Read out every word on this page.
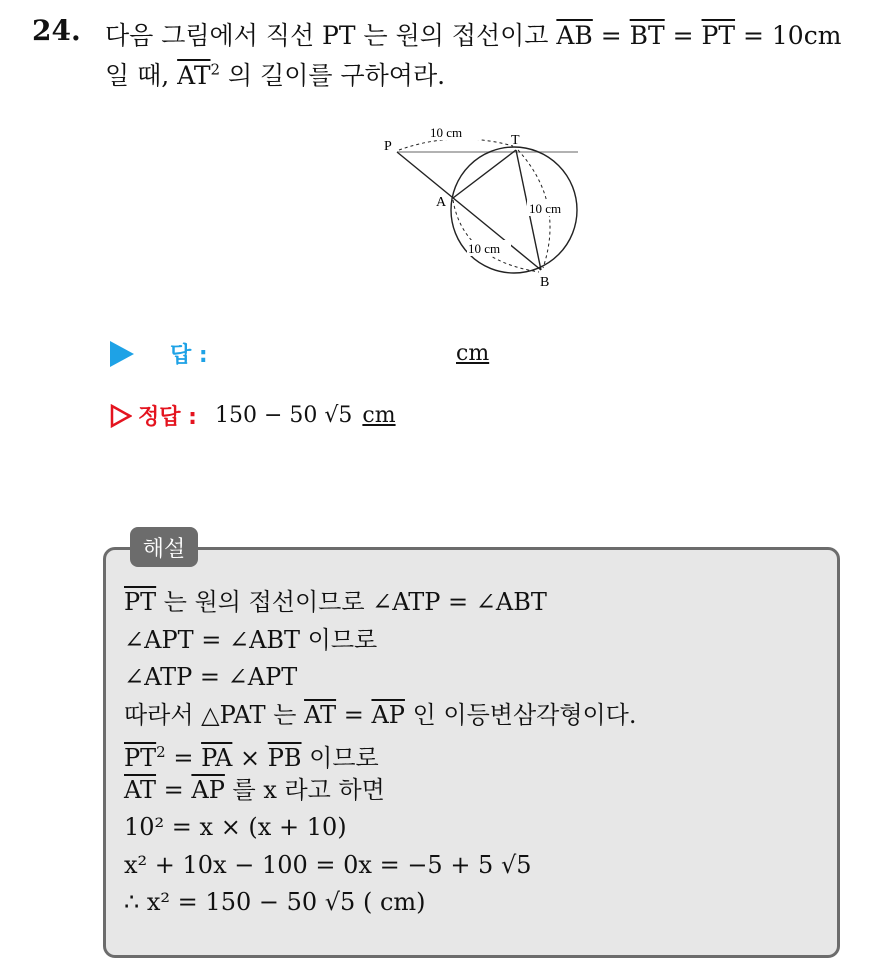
24. 다음 그림에서 직선 PT 는 원의 접선이고 $\overline{AB} = \overline{BT} = \overline{PT} = 10cm$
일 때, $\overline{AT}^2$ 의 길이를 구하여라.
P	T
A
B
10 cm
10 cm
10 cm
답 :	cm
정답 : 150 − 50 √5 cm
해설
$\overline{PT}$ 는 원의 접선이므로 ∠ATP = ∠ABT
∠APT = ∠ABT 이므로
∠ATP = ∠APT
따라서 △PAT 는 $\overline{AT} = \overline{AP}$ 인 이등변삼각형이다.
$\overline{PT}^2 = \overline{PA} \times \overline{PB}$ 이므로
$\overline{AT} = \overline{AP}$ 를 x 라고 하면
10² = x × (x + 10)
x² + 10x − 100 = 0x = −5 + 5 √5
∴ x² = 150 − 50 √5 ( cm)
